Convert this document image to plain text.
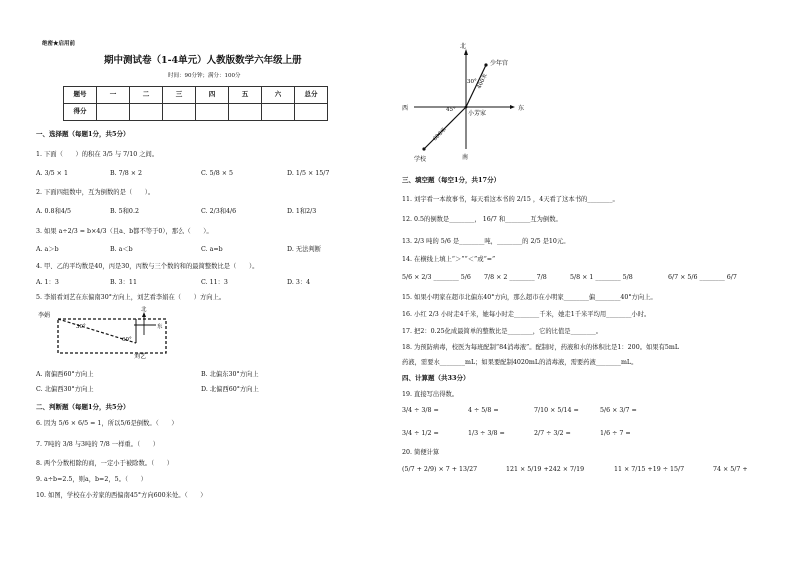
绝密★启用前
期中测试卷（1-4单元）人教版数学六年级上册
时间：90分钟；满分：100分
题号	一	二	三	四	五	六	总分
得分							
一、选择题（每题1分，共5分）
1. 下面（　　）的积在 3/5 与 7/10 之间。
A. 3/5 × 1	B. 7/8 × 2	C. 5/8 × 5	D. 1/5 × 15/7
2. 下面四组数中，互为倒数的是（　　）。
A. 0.8和4/5	B. 5和0.2	C. 2/3和4/6	D. 1和2/3
3. 如果 a÷2/3 = b×4/3（且a、b都不等于0），那么（　　）。
A. a＞b	B. a＜b	C. a=b	D. 无法判断
4. 甲、乙的平均数是40，丙是30，丙数与三个数的和的最简整数比是（　　）。
A. 1：3	B. 3：11	C. 11：3	D. 3：4
5. 李娟看刘艺在东偏南30°方向上，刘艺看李娟在（　　）方向上。
李娟
30°
60°
刘艺
北
东
A. 南偏西60°方向上	B. 北偏东30°方向上
C. 北偏西30°方向上	D. 北偏西60°方向上
二、判断题（每题1分，共5分）
6. 因为 5/6 × 6/5 = 1，所以5/6是倒数。（　　）
7. 7吨的 3/8 与3吨的 7/8 一样重。（　　）
8. 两个分数相除的商，一定小于被除数。（　　）
9. a÷b=2.5，则a，b=2，5。（　　）
10. 如图，学校在小芳家的西偏南45°方向600米处。（　　）
北
南
东
西
少年宫
400米
30°
学校
600米
45° 小芳家
三、填空题（每空1分，共17分）
11. 刘宇看一本故事书，每天看这本书的 2/15 ，4天看了这本书的________。
12. 0.5的倒数是________， 16/7 和________互为倒数。
13. 2/3 吨的 5/6 是________吨，________的 2/5 是10元。
14. 在横线上填上“＞”“＜”或“=”
5/6 × 2/3 ________ 5/6 7/8 × 2 ________ 7/8	5/8 × 1 ________ 5/8	6/7 × 5/6 ________ 6/7
15. 如果小明家在超市北偏东40°方向，那么超市在小明家________偏________40°方向上。
16. 小红 2/3 小时走4千米，她每小时走________千米，她走1千米平均用________小时。
17. 把2：0.25化成最简单的整数比是________，它的比值是________。
18. 为预防病毒，校医为每班配制“84消毒液”。配制时，药液和水的体积比是1：200。如果有5mL
药液，需要水________mL；如果要配制4020mL的消毒液，需要药液________mL。
四、计算题（共33分）
19. 直接写出得数。
3/4 ÷ 3/8 =	4 ÷ 5/8 =	7/10 × 5/14 =	5/6 × 3/7 =
3/4 ÷ 1/2 =	1/3 ÷ 3/8 =	2/7 ÷ 3/2 =	1/6 ÷ 7 =
20. 简便计算
(5/7 + 2/9) × 7 + 13/27	121 × 5/19 +242 × 7/19	11 × 7/15 +19 ÷ 15/7	74 × 5/7 +
